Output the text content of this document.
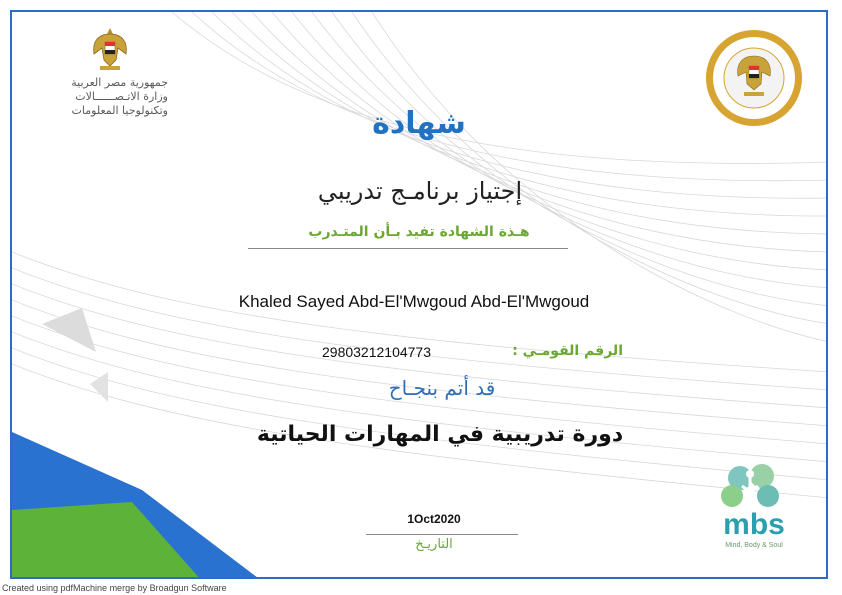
جمهورية مصر العربية
وزارة الاتـصــــــالات
وتكنولوجيا المعلومات	شهادة
إجتياز برنامـج تدريبي
هـذة الشهادة تفيد بـأن المتـدرب
Khaled Sayed Abd-El'Mwgoud Abd-El'Mwgoud
الرقم القومـي :
29803212104773
قد أتم بنجـاح
دورة تدريبية في المهارات الحياتية
1Oct2020
التاريـخ
mbs
Mind, Body & Soul
Created using pdfMachine merge by Broadgun Software
